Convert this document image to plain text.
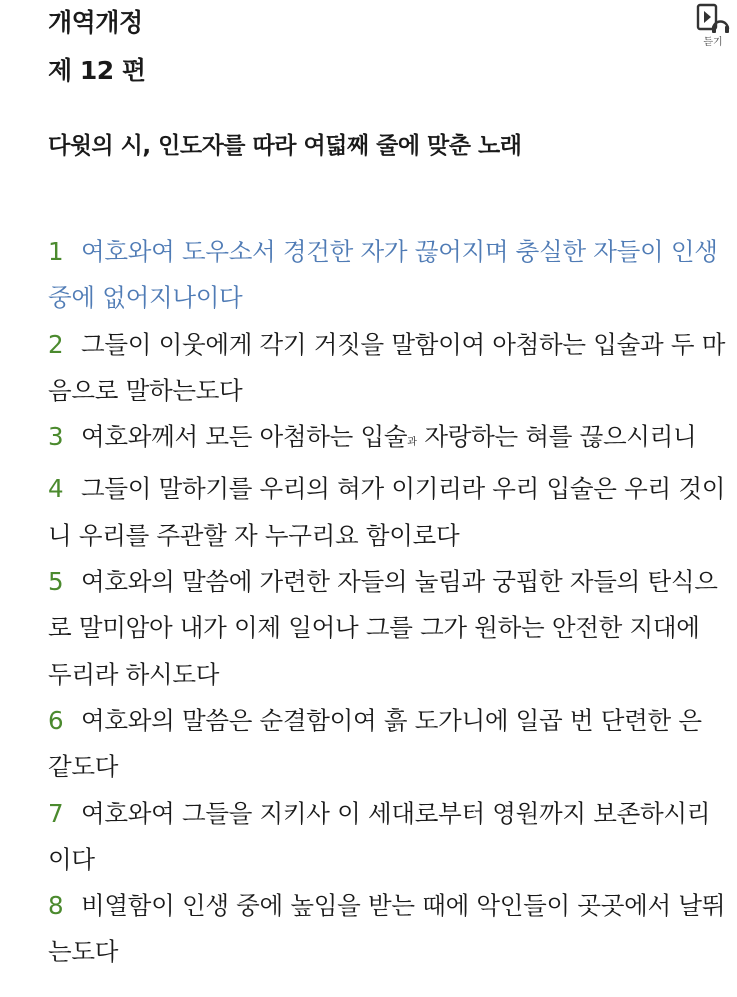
개역개정
제 12 편
듣기
다윗의 시, 인도자를 따라 여덟째 줄에 맞춘 노래
1 여호와여 도우소서 경건한 자가 끊어지며 충실한 자들이 인생 중에 없어지나이다
2 그들이 이웃에게 각기 거짓을 말함이여 아첨하는 입술과 두 마음으로 말하는도다
3 여호와께서 모든 아첨하는 입술과 자랑하는 혀를 끊으시리니
4 그들이 말하기를 우리의 혀가 이기리라 우리 입술은 우리 것이니 우리를 주관할 자 누구리요 함이로다
5 여호와의 말씀에 가련한 자들의 눌림과 궁핍한 자들의 탄식으로 말미암아 내가 이제 일어나 그를 그가 원하는 안전한 지대에 두리라 하시도다
6 여호와의 말씀은 순결함이여 흙 도가니에 일곱 번 단련한 은 같도다
7 여호와여 그들을 지키사 이 세대로부터 영원까지 보존하시리이다
8 비열함이 인생 중에 높임을 받는 때에 악인들이 곳곳에서 날뛰는도다
